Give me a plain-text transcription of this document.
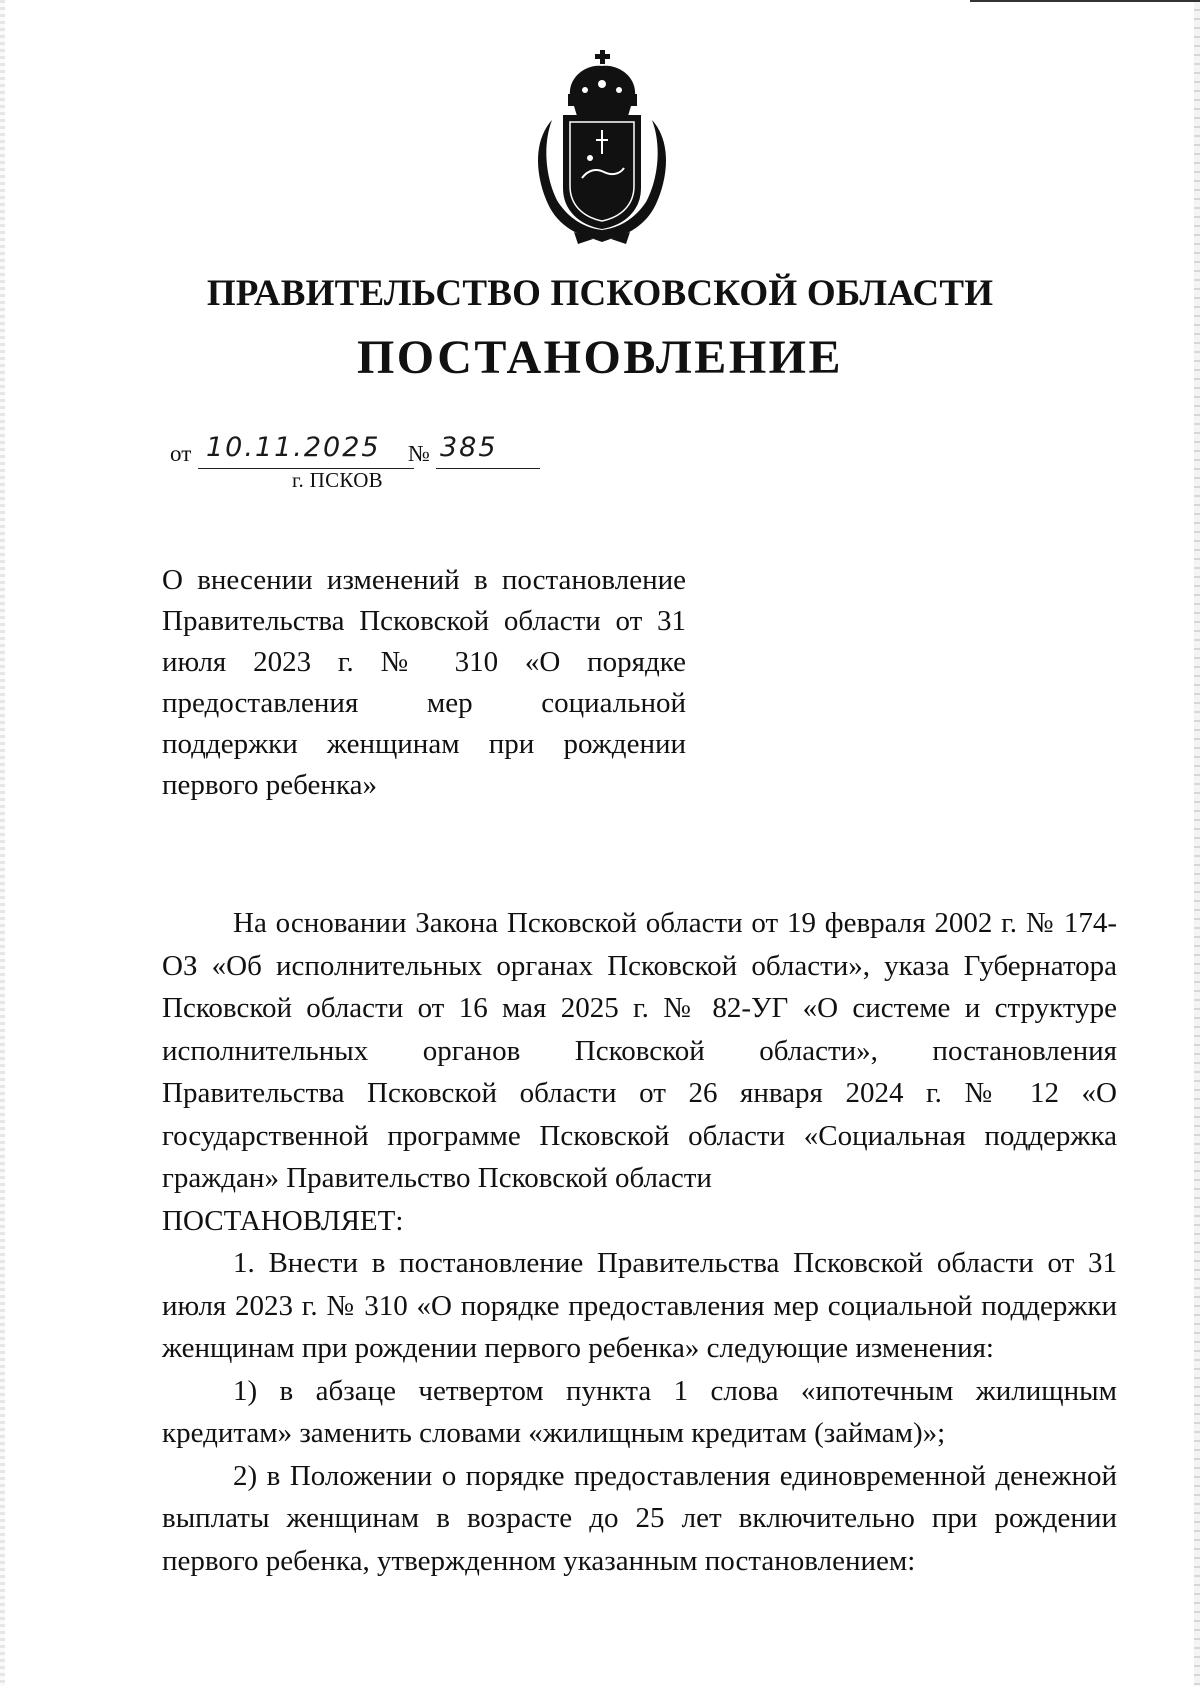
ПРАВИТЕЛЬСТВО ПСКОВСКОЙ ОБЛАСТИ
ПОСТАНОВЛЕНИЕ
от 10.11.2025 № 385
г. ПСКОВ
О внесении изменений в постановление Правительства Псковской области от 31 июля 2023 г. № 310 «О порядке предоставления мер социальной поддержки женщинам при рождении первого ребенка»

На основании Закона Псковской области от 19 февраля 2002 г. № 174-ОЗ «Об исполнительных органах Псковской области», указа Губернатора Псковской области от 16 мая 2025 г. № 82-УГ «О системе и структуре исполнительных органов Псковской области», постановления Правительства Псковской области от 26 января 2024 г. № 12 «О государственной программе Псковской области «Социальная поддержка граждан» Правительство Псковской области

ПОСТАНОВЛЯЕТ:

1. Внести в постановление Правительства Псковской области от 31 июля 2023 г. № 310 «О порядке предоставления мер социальной поддержки женщинам при рождении первого ребенка» следующие изменения:

1) в абзаце четвертом пункта 1 слова «ипотечным жилищным кредитам» заменить словами «жилищным кредитам (займам)»;

2) в Положении о порядке предоставления единовременной денежной выплаты женщинам в возрасте до 25 лет включительно при рождении первого ребенка, утвержденном указанным постановлением:
